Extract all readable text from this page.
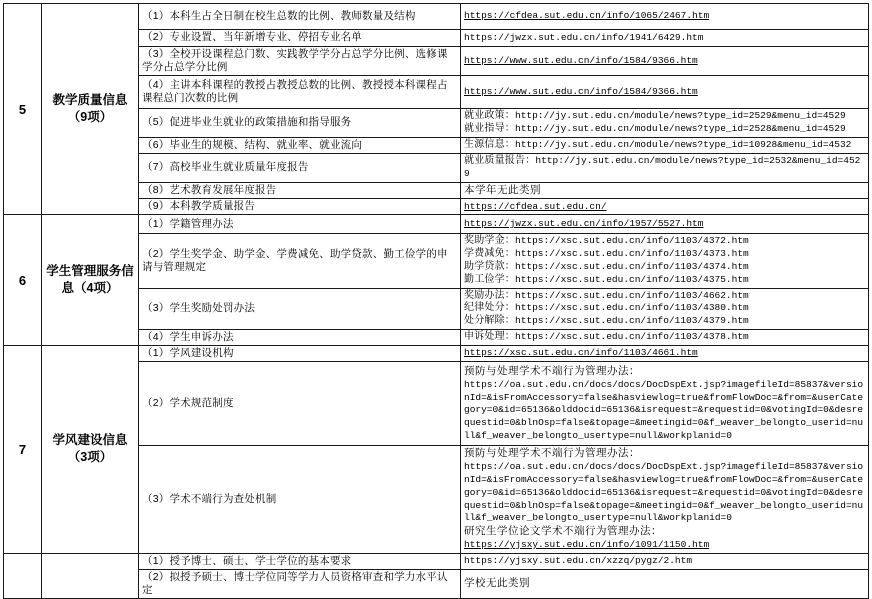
5	教学质量信息（9项）	（1）本科生占全日制在校生总数的比例、教师数量及结构	https://cfdea.sut.edu.cn/info/1065/2467.htm

		（2）专业设置、当年新增专业、停招专业名单	https://jwzx.sut.edu.cn/info/1941/6429.htm

		（3）全校开设课程总门数、实践教学学分占总学分比例、选修课学分占总学分比例	https://www.sut.edu.cn/info/1584/9366.htm

		（4）主讲本科课程的教授占教授总数的比例、教授授本科课程占课程总门次数的比例	https://www.sut.edu.cn/info/1584/9366.htm

		（5）促进毕业生就业的政策措施和指导服务	就业政策：http://jy.sut.edu.cn/module/news?type_id=2529&menu_id=4529
就业指导：http://jy.sut.edu.cn/module/news?type_id=2528&menu_id=4529

		（6）毕业生的规模、结构、就业率、就业流向	生源信息：http://jy.sut.edu.cn/module/news?type_id=10928&menu_id=4532

		（7）高校毕业生就业质量年度报告	就业质量报告：http://jy.sut.edu.cn/module/news?type_id=2532&menu_id=4529

		（8）艺术教育发展年度报告	本学年无此类别

		（9）本科教学质量报告	https://cfdea.sut.edu.cn/

6	学生管理服务信息（4项）	（1）学籍管理办法	https://jwzx.sut.edu.cn/info/1957/5527.htm

		（2）学生奖学金、助学金、学费减免、助学贷款、勤工俭学的申请与管理规定	奖助学金：https://xsc.sut.edu.cn/info/1103/4372.htm
学费减免：https://xsc.sut.edu.cn/info/1103/4373.htm
助学贷款：https://xsc.sut.edu.cn/info/1103/4374.htm
勤工俭学：https://xsc.sut.edu.cn/info/1103/4375.htm

		（3）学生奖励处罚办法	奖励办法：https://xsc.sut.edu.cn/info/1103/4662.htm
纪律处分：https://xsc.sut.edu.cn/info/1103/4380.htm
处分解除：https://xsc.sut.edu.cn/info/1103/4379.htm

		（4）学生申诉办法	申诉处理：https://xsc.sut.edu.cn/info/1103/4378.htm

7	学风建设信息（3项）	（1）学风建设机构	https://xsc.sut.edu.cn/info/1103/4661.htm

		（2）学术规范制度	预防与处理学术不端行为管理办法：
https://oa.sut.edu.cn/docs/docs/DocDspExt.jsp?imagefileId=85837&versionId=&isFromAccessory=false&hasviewlog=true&fromFlowDoc=&from=&userCategory=0&id=65136&olddocid=65136&isrequest=&requestid=0&votingId=0&desrequestid=0&blnOsp=false&topage=&meetingid=0&f_weaver_belongto_userid=null&f_weaver_belongto_usertype=null&workplanid=0

		（3）学术不端行为查处机制	预防与处理学术不端行为管理办法：
https://oa.sut.edu.cn/docs/docs/DocDspExt.jsp?imagefileId=85837&versionId=&isFromAccessory=false&hasviewlog=true&fromFlowDoc=&from=&userCategory=0&id=65136&olddocid=65136&isrequest=&requestid=0&votingId=0&desrequestid=0&blnOsp=false&topage=&meetingid=0&f_weaver_belongto_userid=null&f_weaver_belongto_usertype=null&workplanid=0
研究生学位论文学术不端行为管理办法：
https://yjsxy.sut.edu.cn/info/1091/1150.htm

		（1）授予博士、硕士、学士学位的基本要求	https://yjsxy.sut.edu.cn/xzzq/pygz/2.htm

		（2）拟授予硕士、博士学位同等学力人员资格审查和学力水平认定	学校无此类别
